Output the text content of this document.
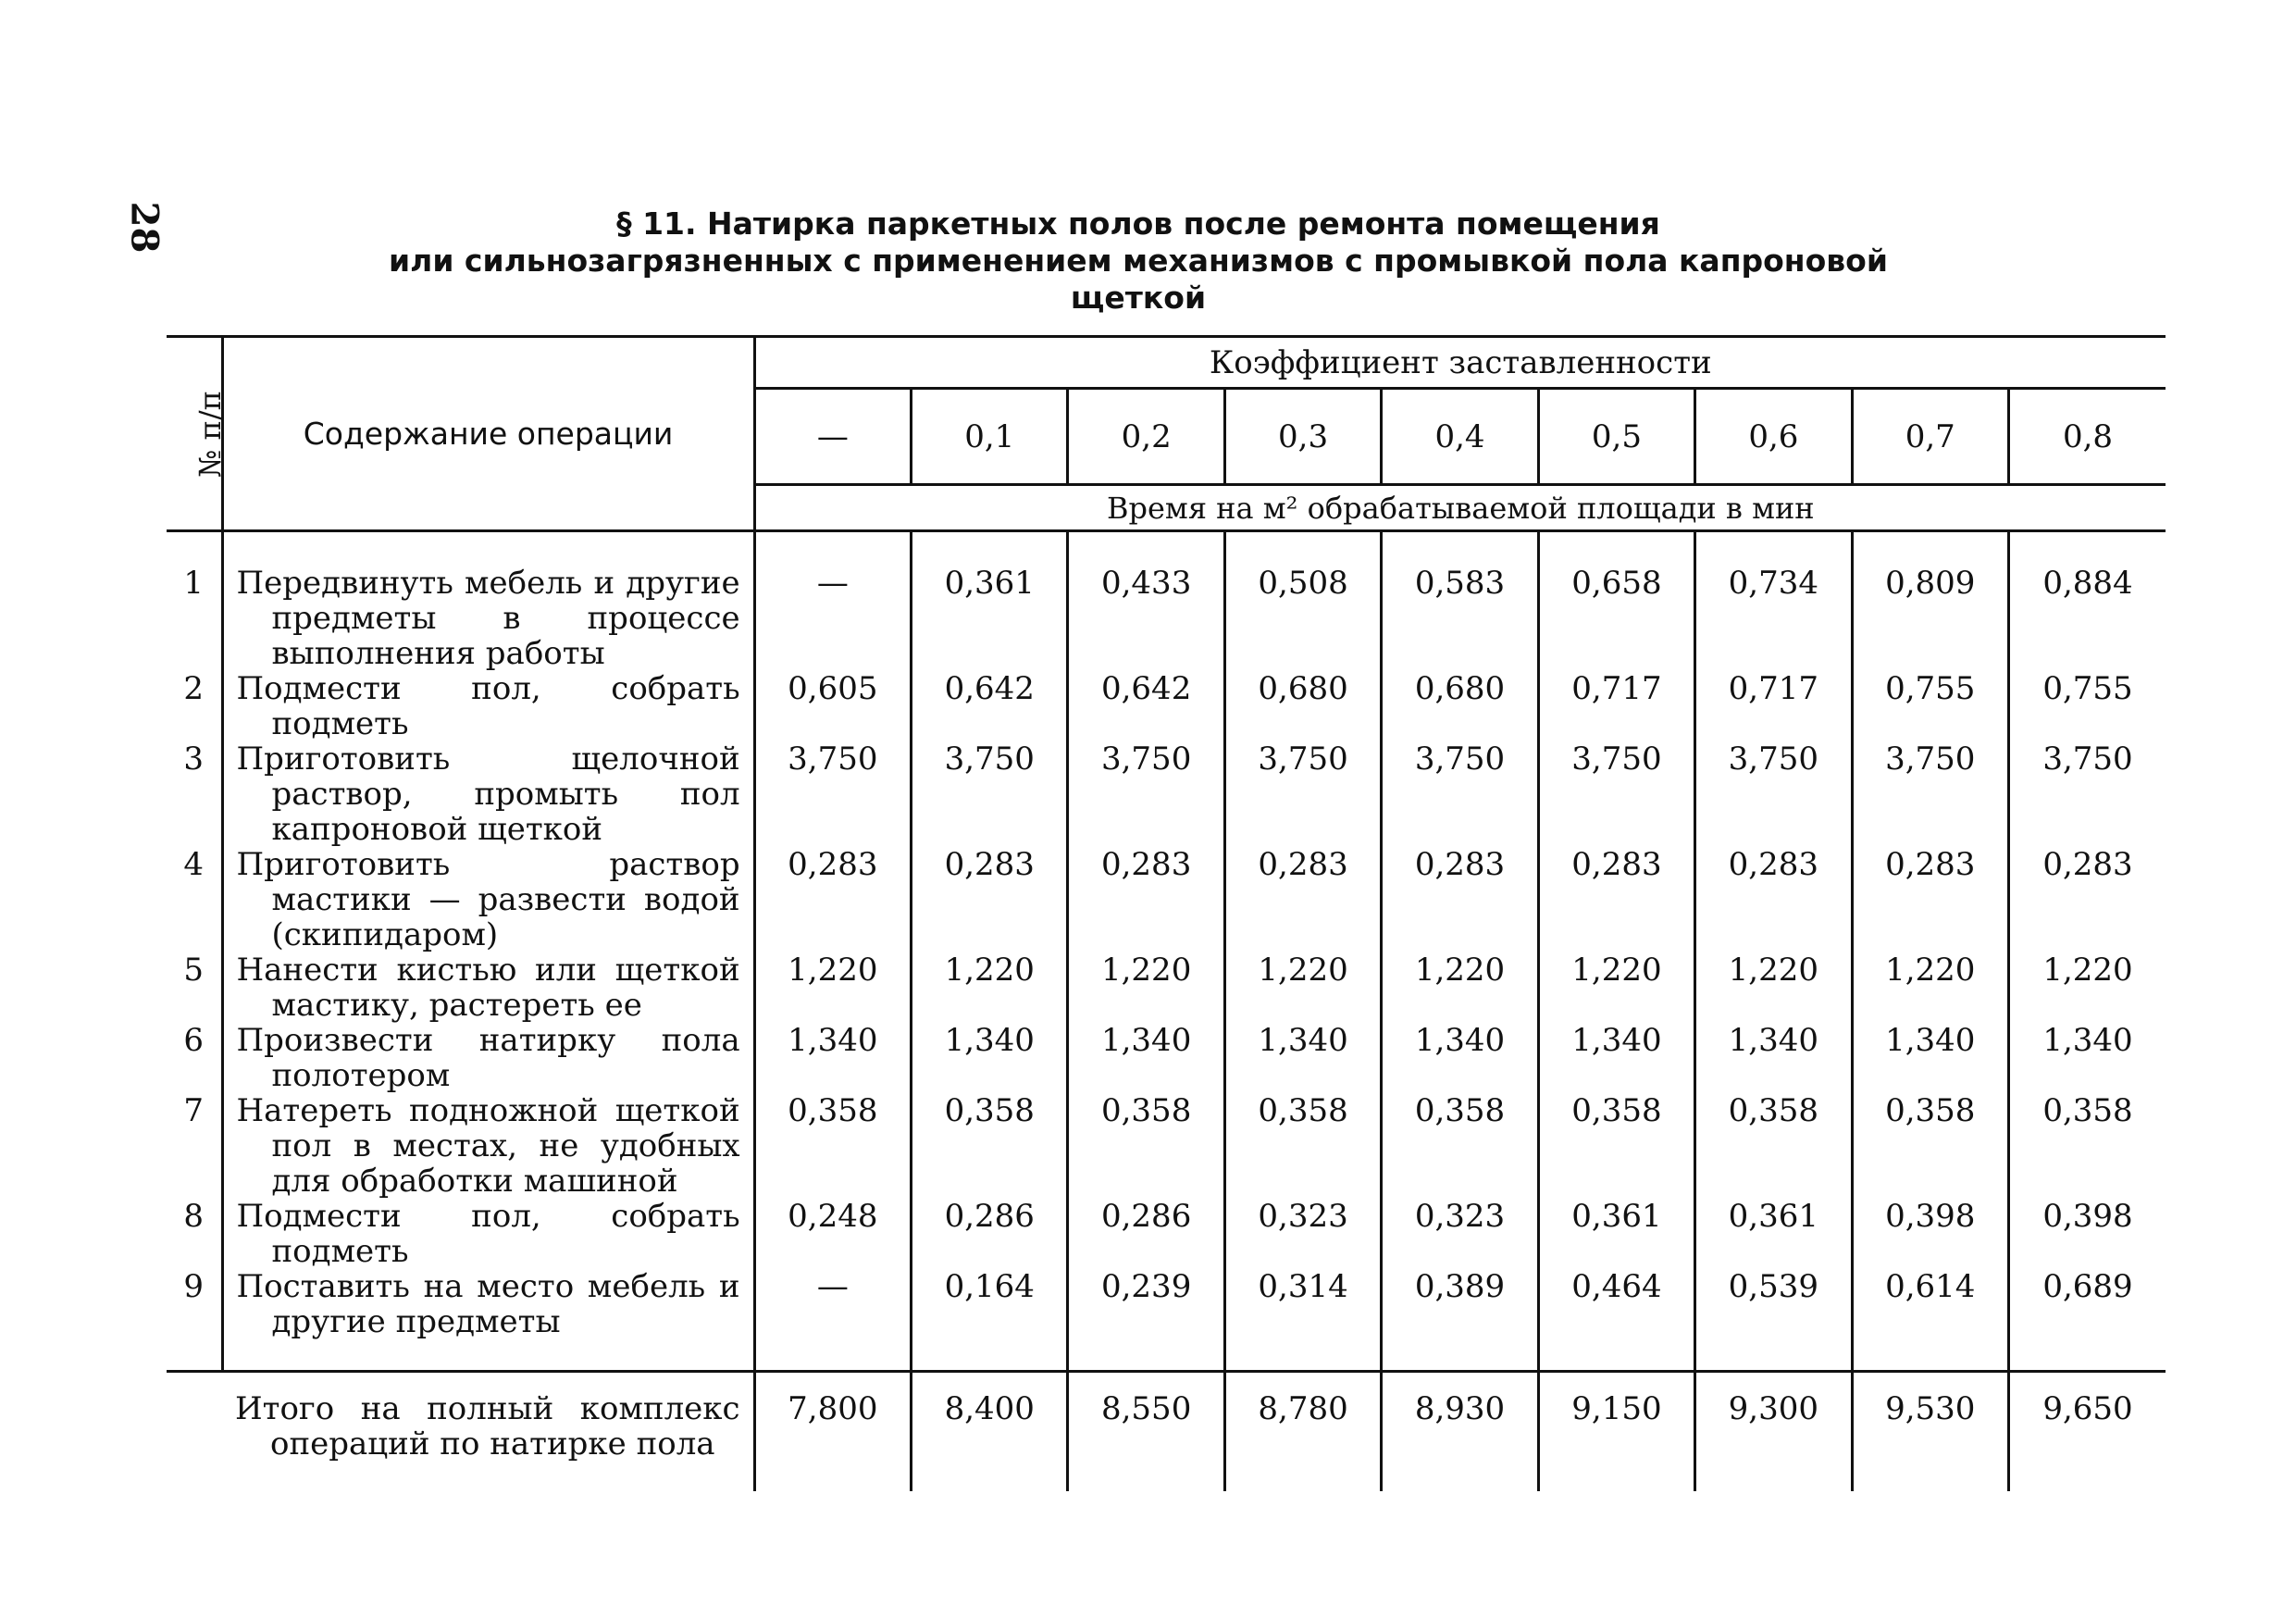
28	§ 11. Натирка паркетных полов после ремонта помещения
или сильнозагрязненных с применением механизмов с промывкой пола капроновой щеткой
№ п/п	Содержание операции	Коэффициент заставленности								
		—	0,1	0,2	0,3	0,4	0,5	0,6	0,7	0,8
		Время на м² обрабатываемой площади в мин								
1	Передвинуть мебель и другие предметы в процессе выполнения работы	—	0,361	0,433	0,508	0,583	0,658	0,734	0,809	0,884
2	Подмести пол, собрать подметь	0,605	0,642	0,642	0,680	0,680	0,717	0,717	0,755	0,755
3	Приготовить щелочной раствор, промыть пол капроновой щеткой	3,750	3,750	3,750	3,750	3,750	3,750	3,750	3,750	3,750
4	Приготовить раствор мастики — развести водой (скипидаром)	0,283	0,283	0,283	0,283	0,283	0,283	0,283	0,283	0,283
5	Нанести кистью или щеткой мастику, растереть ее	1,220	1,220	1,220	1,220	1,220	1,220	1,220	1,220	1,220
6	Произвести натирку пола полотером	1,340	1,340	1,340	1,340	1,340	1,340	1,340	1,340	1,340
7	Натереть подножной щеткой пол в местах, не удобных для обработки машиной	0,358	0,358	0,358	0,358	0,358	0,358	0,358	0,358	0,358
8	Подмести пол, собрать подметь	0,248	0,286	0,286	0,323	0,323	0,361	0,361	0,398	0,398
9	Поставить на место мебель и другие предметы	—	0,164	0,239	0,314	0,389	0,464	0,539	0,614	0,689

	Итого на полный комплекс операций по натирке пола	7,800	8,400	8,550	8,780	8,930	9,150	9,300	9,530	9,650
